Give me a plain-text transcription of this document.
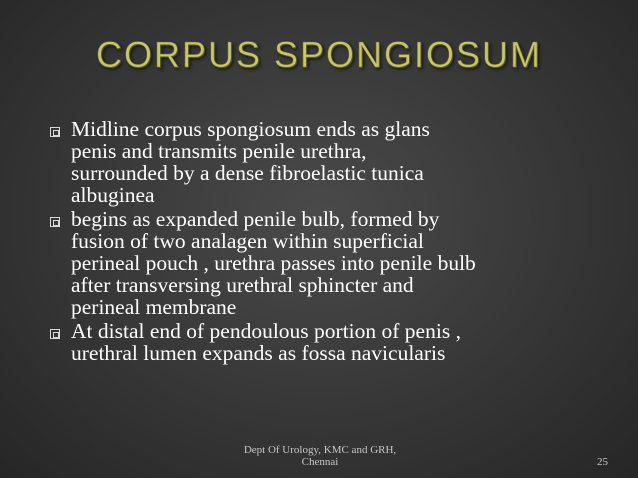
CORPUS SPONGIOSUM
Midline corpus spongiosum ends as glans
penis and transmits penile urethra,
surrounded by a dense fibroelastic tunica
albuginea
begins as expanded penile bulb, formed by
fusion of two analagen within superficial
perineal pouch , urethra passes into penile bulb
after transversing urethral sphincter and
perineal membrane
At distal end of pendoulous portion of penis ,
urethral lumen expands as fossa navicularis
Dept Of Urology, KMC and GRH,
Chennai	25
